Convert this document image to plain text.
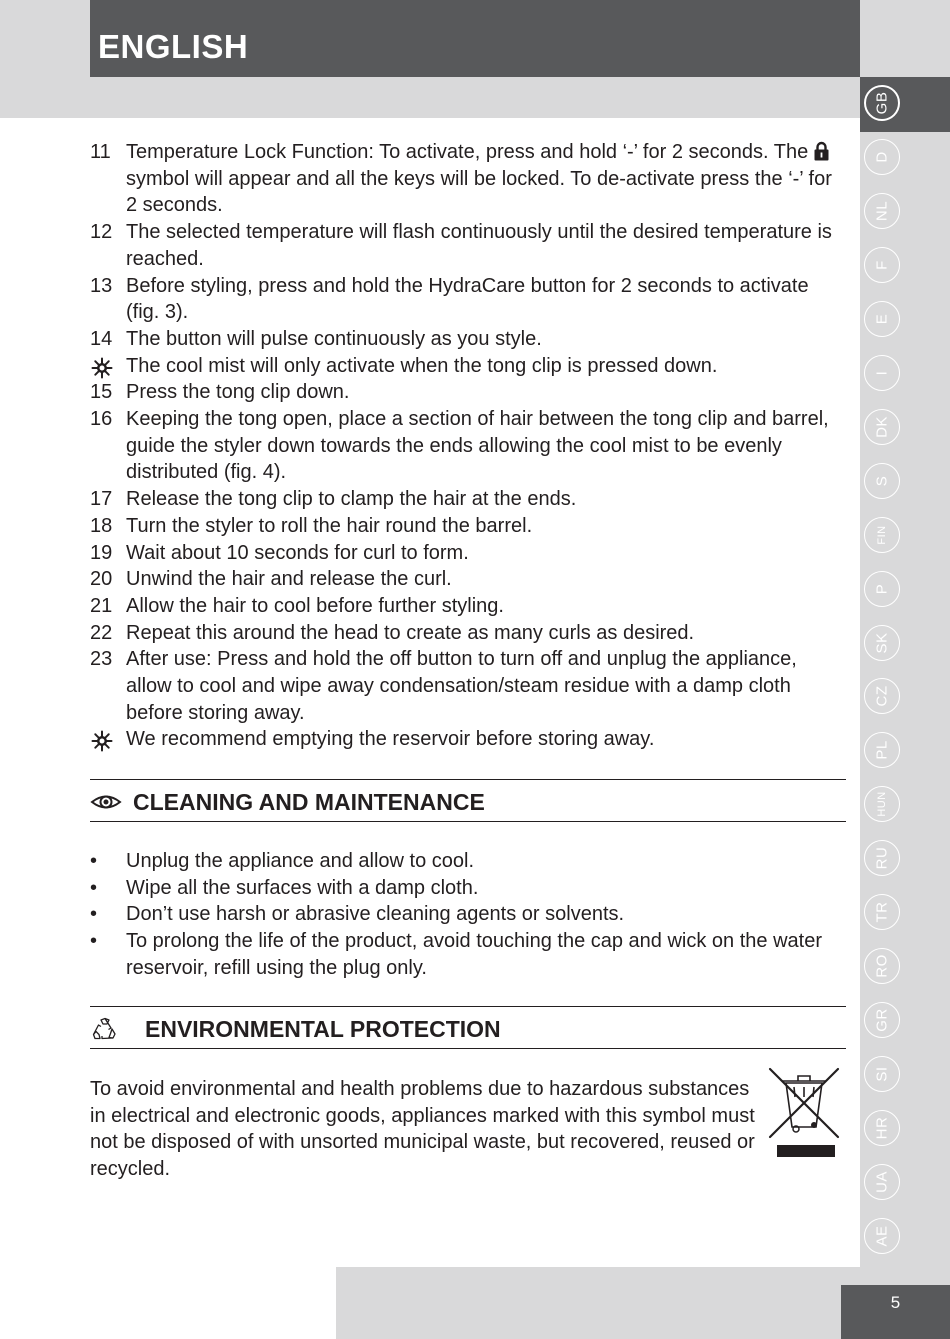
ENGLISH
GB
D
NL
F
E
I
DK
S
FIN
P
SK
CZ
PL
HUN
RU
TR
RO
GR
SI
HR
UA
AE
11 Temperature Lock Function: To activate, press and hold ‘-’ for 2 seconds. The  symbol will appear and all the keys will be locked. To de-activate press the ‘-’ for 2 seconds.
12 The selected temperature will flash continuously until the desired temperature is reached.
13 Before styling, press and hold the HydraCare button for 2 seconds to activate (fig. 3).
14 The button will pulse continuously as you style.
The cool mist will only activate when the tong clip is pressed down.
15 Press the tong clip down.
16 Keeping the tong open, place a section of hair between the tong clip and barrel, guide the styler down towards the ends allowing the cool mist to be evenly distributed (fig. 4).
17 Release the tong clip to clamp the hair at the ends.
18 Turn the styler to roll the hair round the barrel.
19 Wait about 10 seconds for curl to form.
20 Unwind the hair and release the curl.
21 Allow the hair to cool before further styling.
22 Repeat this around the head to create as many curls as desired.
23 After use: Press and hold the off button to turn off and unplug the appliance, allow to cool and wipe away condensation/steam residue with a damp cloth before storing away.
We recommend emptying the reservoir before storing away.
CLEANING AND MAINTENANCE
• Unplug the appliance and allow to cool.
• Wipe all the surfaces with a damp cloth.
• Don’t use harsh or abrasive cleaning agents or solvents.
• To prolong the life of the product, avoid touching the cap and wick on the water reservoir, refill using the plug only.
ENVIRONMENTAL PROTECTION
To avoid environmental and health problems due to hazardous substances in electrical and electronic goods, appliances marked with this symbol must not be disposed of with unsorted municipal waste, but recovered, reused or recycled.
5
